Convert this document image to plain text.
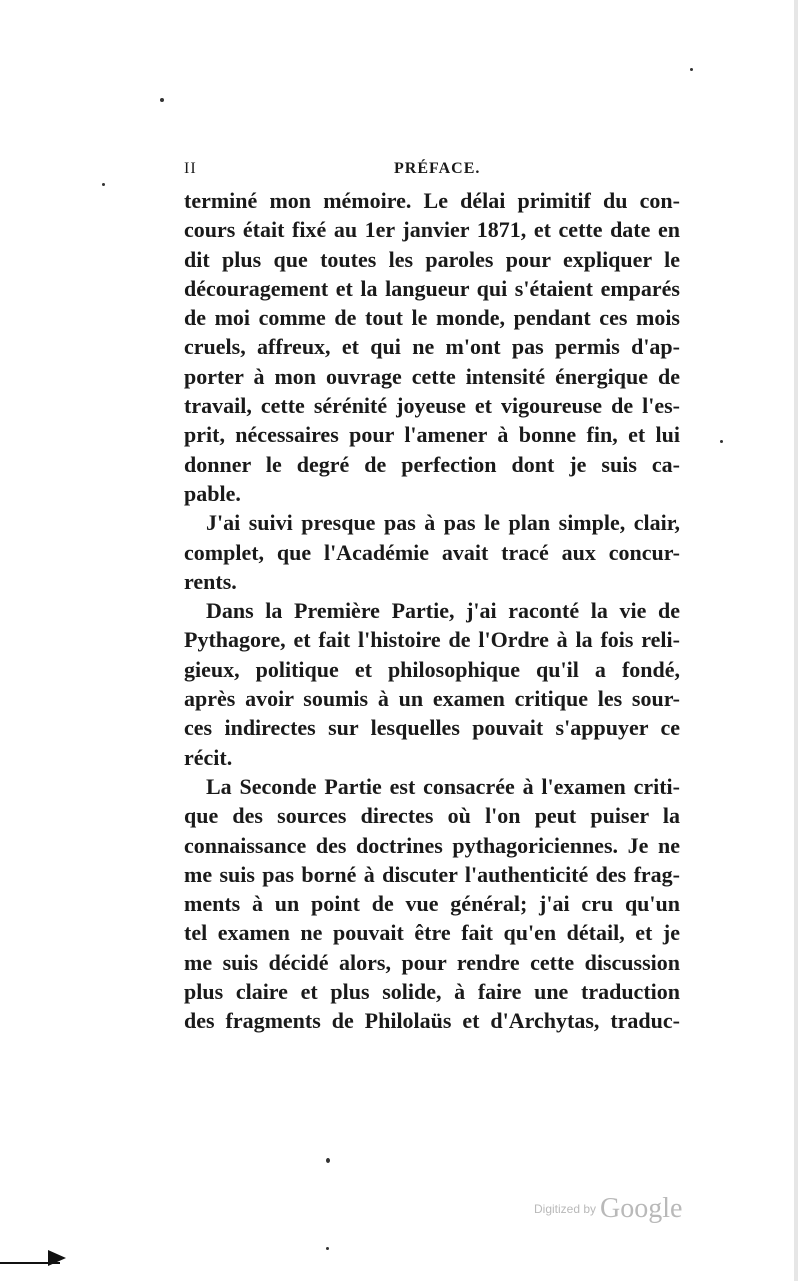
II	PRÉFACE.
terminé mon mémoire. Le délai primitif du con-
cours était fixé au 1er janvier 1871, et cette date en
dit plus que toutes les paroles pour expliquer le
découragement et la langueur qui s'étaient emparés
de moi comme de tout le monde, pendant ces mois
cruels, affreux, et qui ne m'ont pas permis d'ap-
porter à mon ouvrage cette intensité énergique de
travail, cette sérénité joyeuse et vigoureuse de l'es-
prit, nécessaires pour l'amener à bonne fin, et lui
donner le degré de perfection dont je suis ca-
pable.
J'ai suivi presque pas à pas le plan simple, clair,
complet, que l'Académie avait tracé aux concur-
rents.
Dans la Première Partie, j'ai raconté la vie de
Pythagore, et fait l'histoire de l'Ordre à la fois reli-
gieux, politique et philosophique qu'il a fondé,
après avoir soumis à un examen critique les sour-
ces indirectes sur lesquelles pouvait s'appuyer ce
récit.
La Seconde Partie est consacrée à l'examen criti-
que des sources directes où l'on peut puiser la
connaissance des doctrines pythagoriciennes. Je ne
me suis pas borné à discuter l'authenticité des frag-
ments à un point de vue général; j'ai cru qu'un
tel examen ne pouvait être fait qu'en détail, et je
me suis décidé alors, pour rendre cette discussion
plus claire et plus solide, à faire une traduction
des fragments de Philolaüs et d'Archytas, traduc-
Digitized by Google
